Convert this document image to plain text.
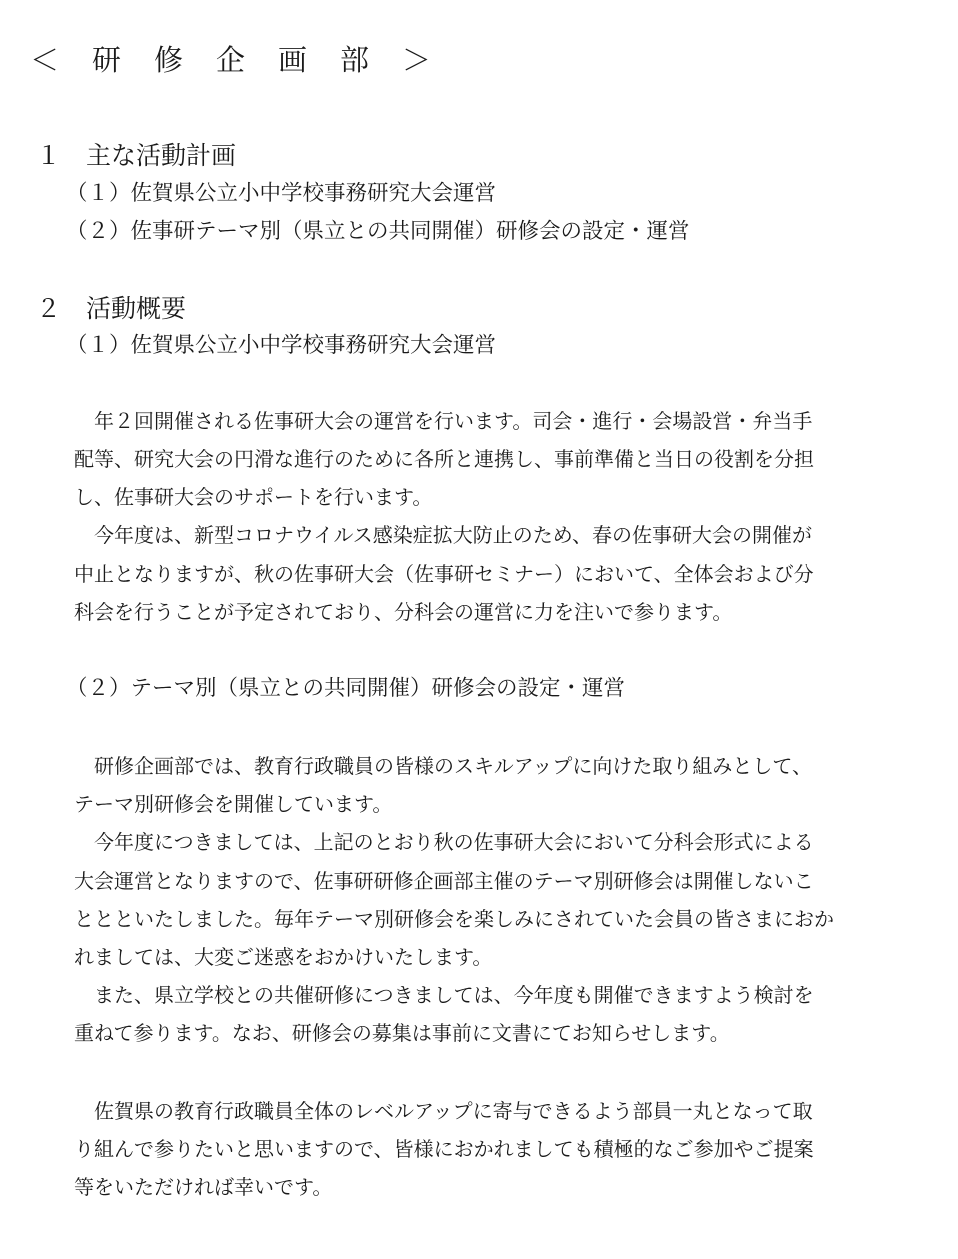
＜　研　修　企　画　部　＞
１　主な活動計画
（１）佐賀県公立小中学校事務研究大会運営
（２）佐事研テーマ別（県立との共同開催）研修会の設定・運営
２　活動概要
（１）佐賀県公立小中学校事務研究大会運営
　年２回開催される佐事研大会の運営を行います。司会・進行・会場設営・弁当手
配等、研究大会の円滑な進行のために各所と連携し、事前準備と当日の役割を分担
し、佐事研大会のサポートを行います。
　今年度は、新型コロナウイルス感染症拡大防止のため、春の佐事研大会の開催が
中止となりますが、秋の佐事研大会（佐事研セミナー）において、全体会および分
科会を行うことが予定されており、分科会の運営に力を注いで参ります。
（２）テーマ別（県立との共同開催）研修会の設定・運営
　研修企画部では、教育行政職員の皆様のスキルアップに向けた取り組みとして、
テーマ別研修会を開催しています。
　今年度につきましては、上記のとおり秋の佐事研大会において分科会形式による
大会運営となりますので、佐事研研修企画部主催のテーマ別研修会は開催しないこ
ととといたしました。毎年テーマ別研修会を楽しみにされていた会員の皆さまにおか
れましては、大変ご迷惑をおかけいたします。
　また、県立学校との共催研修につきましては、今年度も開催できますよう検討を
重ねて参ります。なお、研修会の募集は事前に文書にてお知らせします。
　佐賀県の教育行政職員全体のレベルアップに寄与できるよう部員一丸となって取
り組んで参りたいと思いますので、皆様におかれましても積極的なご参加やご提案
等をいただければ幸いです。
